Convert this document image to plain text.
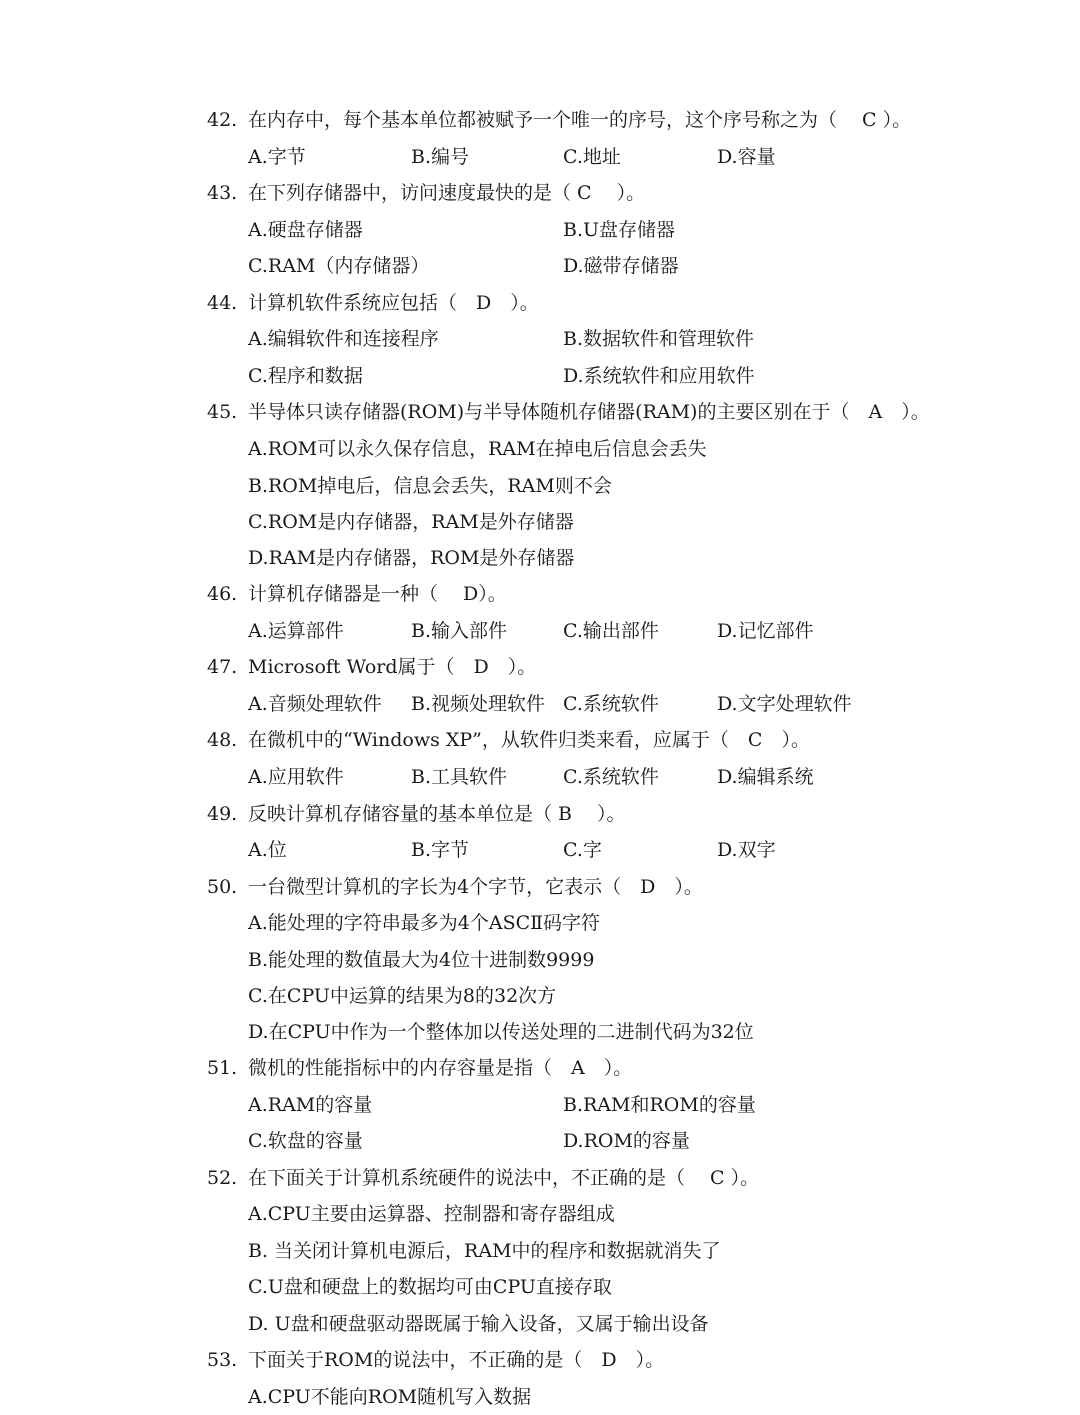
42. 在内存中，每个基本单位都被赋予一个唯一的序号，这个序号称之为（　 C ）。
A.字节	B.编号	C.地址	D.容量
43. 在下列存储器中，访问速度最快的是（ C　 ）。
A.硬盘存储器	B.U盘存储器
C.RAM（内存储器）	D.磁带存储器
44. 计算机软件系统应包括（　D　）。
A.编辑软件和连接程序	B.数据软件和管理软件
C.程序和数据	D.系统软件和应用软件
45. 半导体只读存储器(ROM)与半导体随机存储器(RAM)的主要区别在于（　A　）。
A.ROM可以永久保存信息，RAM在掉电后信息会丢失
B.ROM掉电后，信息会丢失，RAM则不会
C.ROM是内存储器，RAM是外存储器
D.RAM是内存储器，ROM是外存储器
46. 计算机存储器是一种（　 D）。
A.运算部件	B.输入部件	C.输出部件	D.记忆部件
47. Microsoft Word属于（　D　）。
A.音频处理软件 B.视频处理软件 C.系统软件	D.文字处理软件
48. 在微机中的“Windows XP”，从软件归类来看，应属于（　C　）。
A.应用软件	B.工具软件	C.系统软件	D.编辑系统
49. 反映计算机存储容量的基本单位是（ B　 ）。
A.位	B.字节	C.字	D.双字
50. 一台微型计算机的字长为4个字节，它表示（　D　）。
A.能处理的字符串最多为4个ASCⅡ码字符
B.能处理的数值最大为4位十进制数9999
C.在CPU中运算的结果为8的32次方
D.在CPU中作为一个整体加以传送处理的二进制代码为32位
51. 微机的性能指标中的内存容量是指（　A　）。
A.RAM的容量	B.RAM和ROM的容量
C.软盘的容量	D.ROM的容量
52. 在下面关于计算机系统硬件的说法中，不正确的是（　 C ）。
A.CPU主要由运算器、控制器和寄存器组成
B. 当关闭计算机电源后，RAM中的程序和数据就消失了
C.U盘和硬盘上的数据均可由CPU直接存取
D. U盘和硬盘驱动器既属于输入设备，又属于输出设备
53. 下面关于ROM的说法中，不正确的是（　D　）。
A.CPU不能向ROM随机写入数据
